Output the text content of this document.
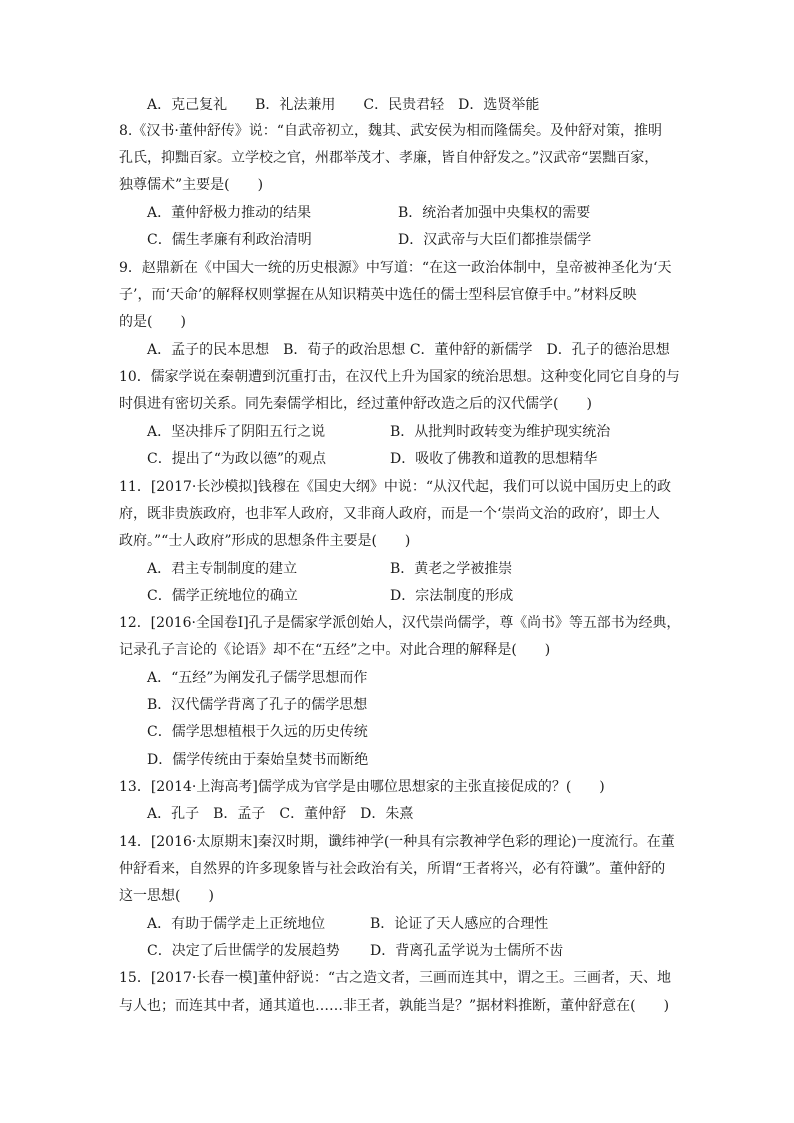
A．克己复礼　　B．礼法兼用　　C．民贵君轻　D．选贤举能
8.《汉书·董仲舒传》说：“自武帝初立，魏其、武安侯为相而隆儒矣。及仲舒对策，推明
孔氏，抑黜百家。立学校之官，州郡举茂才、孝廉，皆自仲舒发之。”汉武帝“罢黜百家，
独尊儒术”主要是(　　)
A．董仲舒极力推动的结果	B．统治者加强中央集权的需要
C．儒生孝廉有利政治清明	D．汉武帝与大臣们都推崇儒学
9．赵鼎新在《中国大一统的历史根源》中写道：“在这一政治体制中，皇帝被神圣化为‘天
子’，而‘天命’的解释权则掌握在从知识精英中选任的儒士型科层官僚手中。”材料反映
的是(　　)
A．孟子的民本思想　B．荀子的政治思想 C．董仲舒的新儒学　D．孔子的德治思想
10．儒家学说在秦朝遭到沉重打击，在汉代上升为国家的统治思想。这种变化同它自身的与
时俱进有密切关系。同先秦儒学相比，经过董仲舒改造之后的汉代儒学(　　)
A．坚决排斥了阴阳五行之说	B．从批判时政转变为维护现实统治
C．提出了“为政以德”的观点	D．吸收了佛教和道教的思想精华
11．[2017·长沙模拟]钱穆在《国史大纲》中说：“从汉代起，我们可以说中国历史上的政
府，既非贵族政府，也非军人政府，又非商人政府，而是一个‘崇尚文治的政府’，即士人
政府。”“士人政府”形成的思想条件主要是(　　)
A．君主专制制度的建立	B．黄老之学被推崇
C．儒学正统地位的确立	D．宗法制度的形成
12．[2016·全国卷Ⅰ]孔子是儒家学派创始人，汉代崇尚儒学，尊《尚书》等五部书为经典，
记录孔子言论的《论语》却不在“五经”之中。对此合理的解释是(　　)
A．“五经”为阐发孔子儒学思想而作
B．汉代儒学背离了孔子的儒学思想
C．儒学思想植根于久远的历史传统
D．儒学传统由于秦始皇焚书而断绝
13．[2014·上海高考]儒学成为官学是由哪位思想家的主张直接促成的？(　　)
A．孔子　B．孟子　C．董仲舒　D．朱熹
14．[2016·太原期末]秦汉时期，谶纬神学(一种具有宗教神学色彩的理论)一度流行。在董
仲舒看来，自然界的许多现象皆与社会政治有关，所谓“王者将兴，必有符谶”。董仲舒的
这一思想(　　)
A．有助于儒学走上正统地位	B．论证了天人感应的合理性
C．决定了后世儒学的发展趋势 D．背离孔孟学说为士儒所不齿
15．[2017·长春一模]董仲舒说：“古之造文者，三画而连其中，谓之王。三画者，天、地
与人也；而连其中者，通其道也……非王者，孰能当是？”据材料推断，董仲舒意在(　　)
